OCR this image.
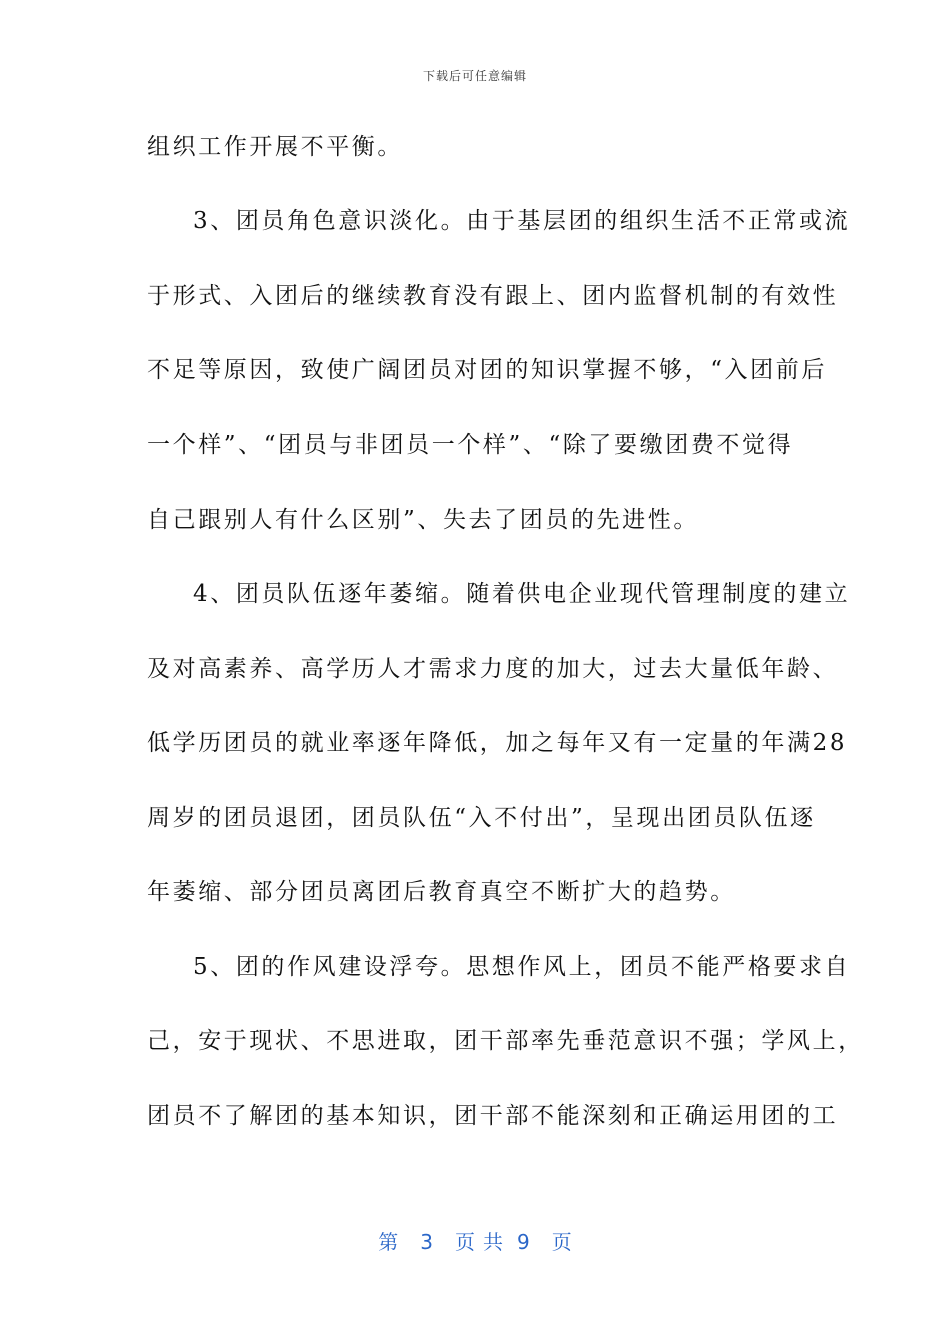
下载后可任意编辑
组织工作开展不平衡。
3、团员角色意识淡化。由于基层团的组织生活不正常或流
于形式、入团后的继续教育没有跟上、团内监督机制的有效性
不足等原因，致使广阔团员对团的知识掌握不够，“入团前后
一个样”、“团员与非团员一个样”、“除了要缴团费不觉得
自己跟别人有什么区别”、失去了团员的先进性。
4、团员队伍逐年萎缩。随着供电企业现代管理制度的建立
及对高素养、高学历人才需求力度的加大，过去大量低年龄、
低学历团员的就业率逐年降低，加之每年又有一定量的年满28
周岁的团员退团，团员队伍“入不付出”，呈现出团员队伍逐
年萎缩、部分团员离团后教育真空不断扩大的趋势。
5、团的作风建设浮夸。思想作风上，团员不能严格要求自
己，安于现状、不思进取，团干部率先垂范意识不强；学风上，
团员不了解团的基本知识，团干部不能深刻和正确运用团的工
第 3 页共 9 页
